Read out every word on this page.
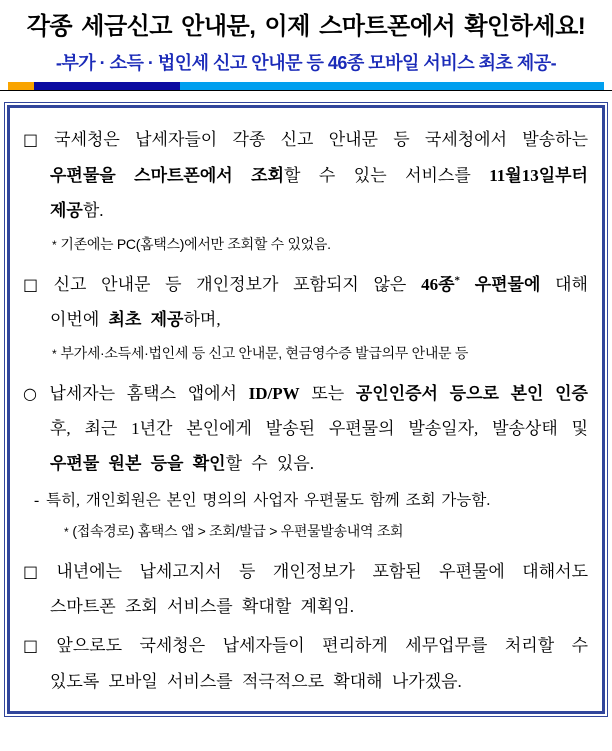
각종 세금신고 안내문, 이제 스마트폰에서 확인하세요!
-부가 · 소득 · 법인세 신고 안내문 등 46종 모바일 서비스 최초 제공-

□ 국세청은 납세자들이 각종 신고 안내문 등 국세청에서 발송하는 우편물을 스마트폰에서 조회할 수 있는 서비스를 11월13일부터 제공함.

* 기존에는 PC(홈택스)에서만 조회할 수 있었음.

□ 신고 안내문 등 개인정보가 포함되지 않은 46종* 우편물에 대해 이번에 최초 제공하며,

* 부가세·소득세·법인세 등 신고 안내문, 현금영수증 발급의무 안내문 등

○ 납세자는 홈택스 앱에서 ID/PW 또는 공인인증서 등으로 본인 인증 후, 최근 1년간 본인에게 발송된 우편물의 발송일자, 발송상태 및 우편물 원본 등을 확인할 수 있음.

- 특히, 개인회원은 본인 명의의 사업자 우편물도 함께 조회 가능함.

* (접속경로) 홈택스 앱 > 조회/발급 > 우편물발송내역 조회

□ 내년에는 납세고지서 등 개인정보가 포함된 우편물에 대해서도 스마트폰 조회 서비스를 확대할 계획임.

□ 앞으로도 국세청은 납세자들이 편리하게 세무업무를 처리할 수 있도록 모바일 서비스를 적극적으로 확대해 나가겠음.
